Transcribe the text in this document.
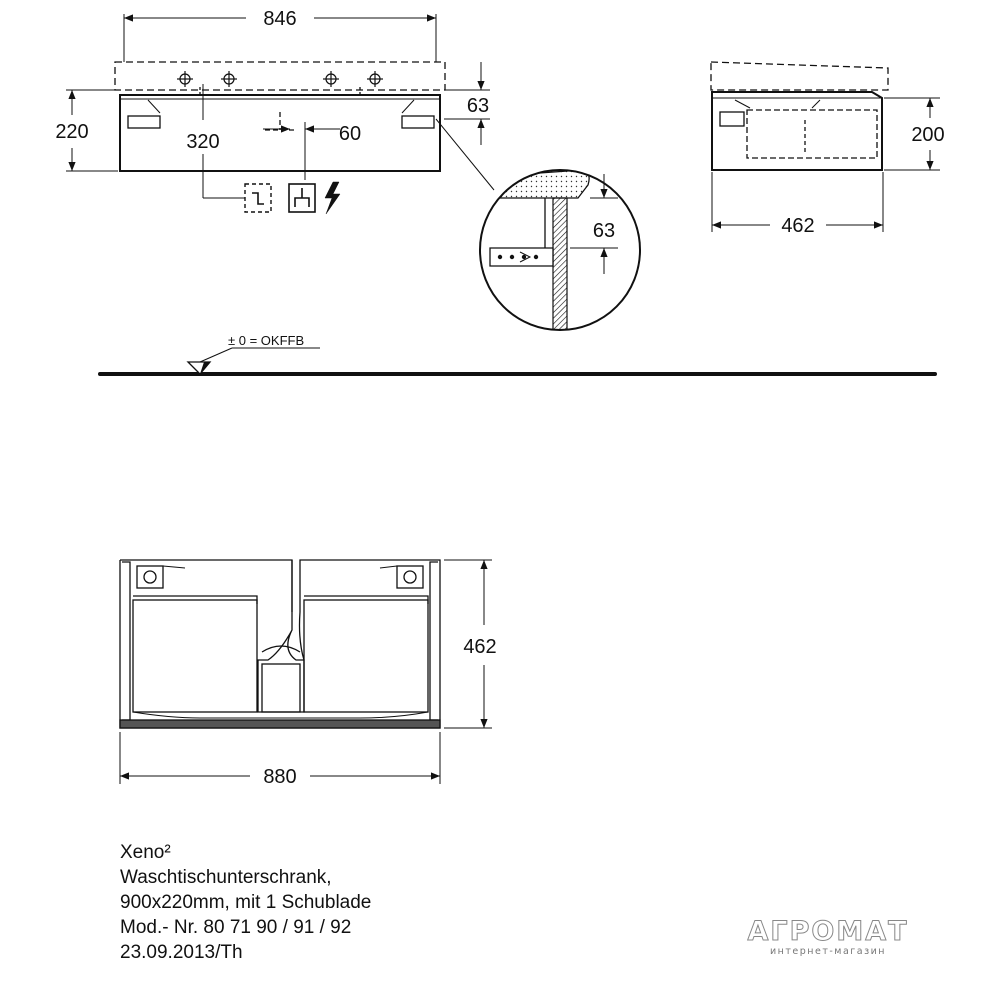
846
220
63
320	60
63
200
462
± 0 = OKFFB
462
880
Xeno²
Waschtischunterschrank,
900x220mm, mit 1 Schublade
Mod.- Nr. 80 71 90 / 91 / 92
23.09.2013/Th
АГРОМАТ
интернет-магазин
